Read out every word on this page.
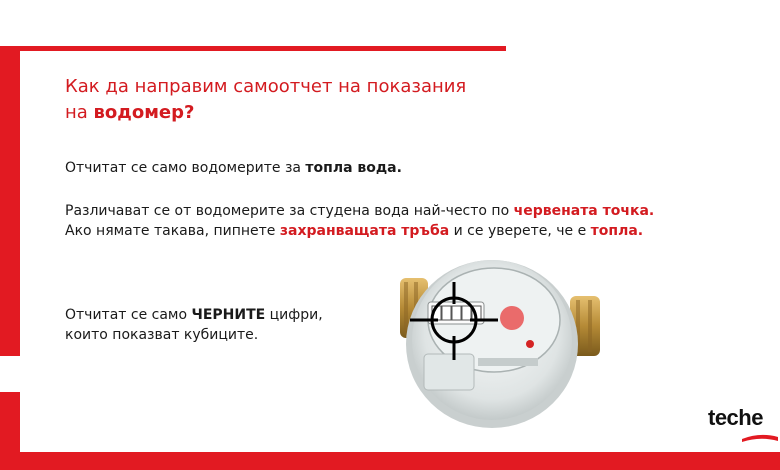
Как да направим самоотчет на показания
на водомер?
Отчитат се само водомерите за топла вода.
Различават се от водомерите за студена вода най-често по червената точка.
Ако нямате такава, пипнете захранващата тръба и се уверете, че е топла.
Отчитат се само ЧЕРНИТЕ цифри,
които показват кубиците.
teche
